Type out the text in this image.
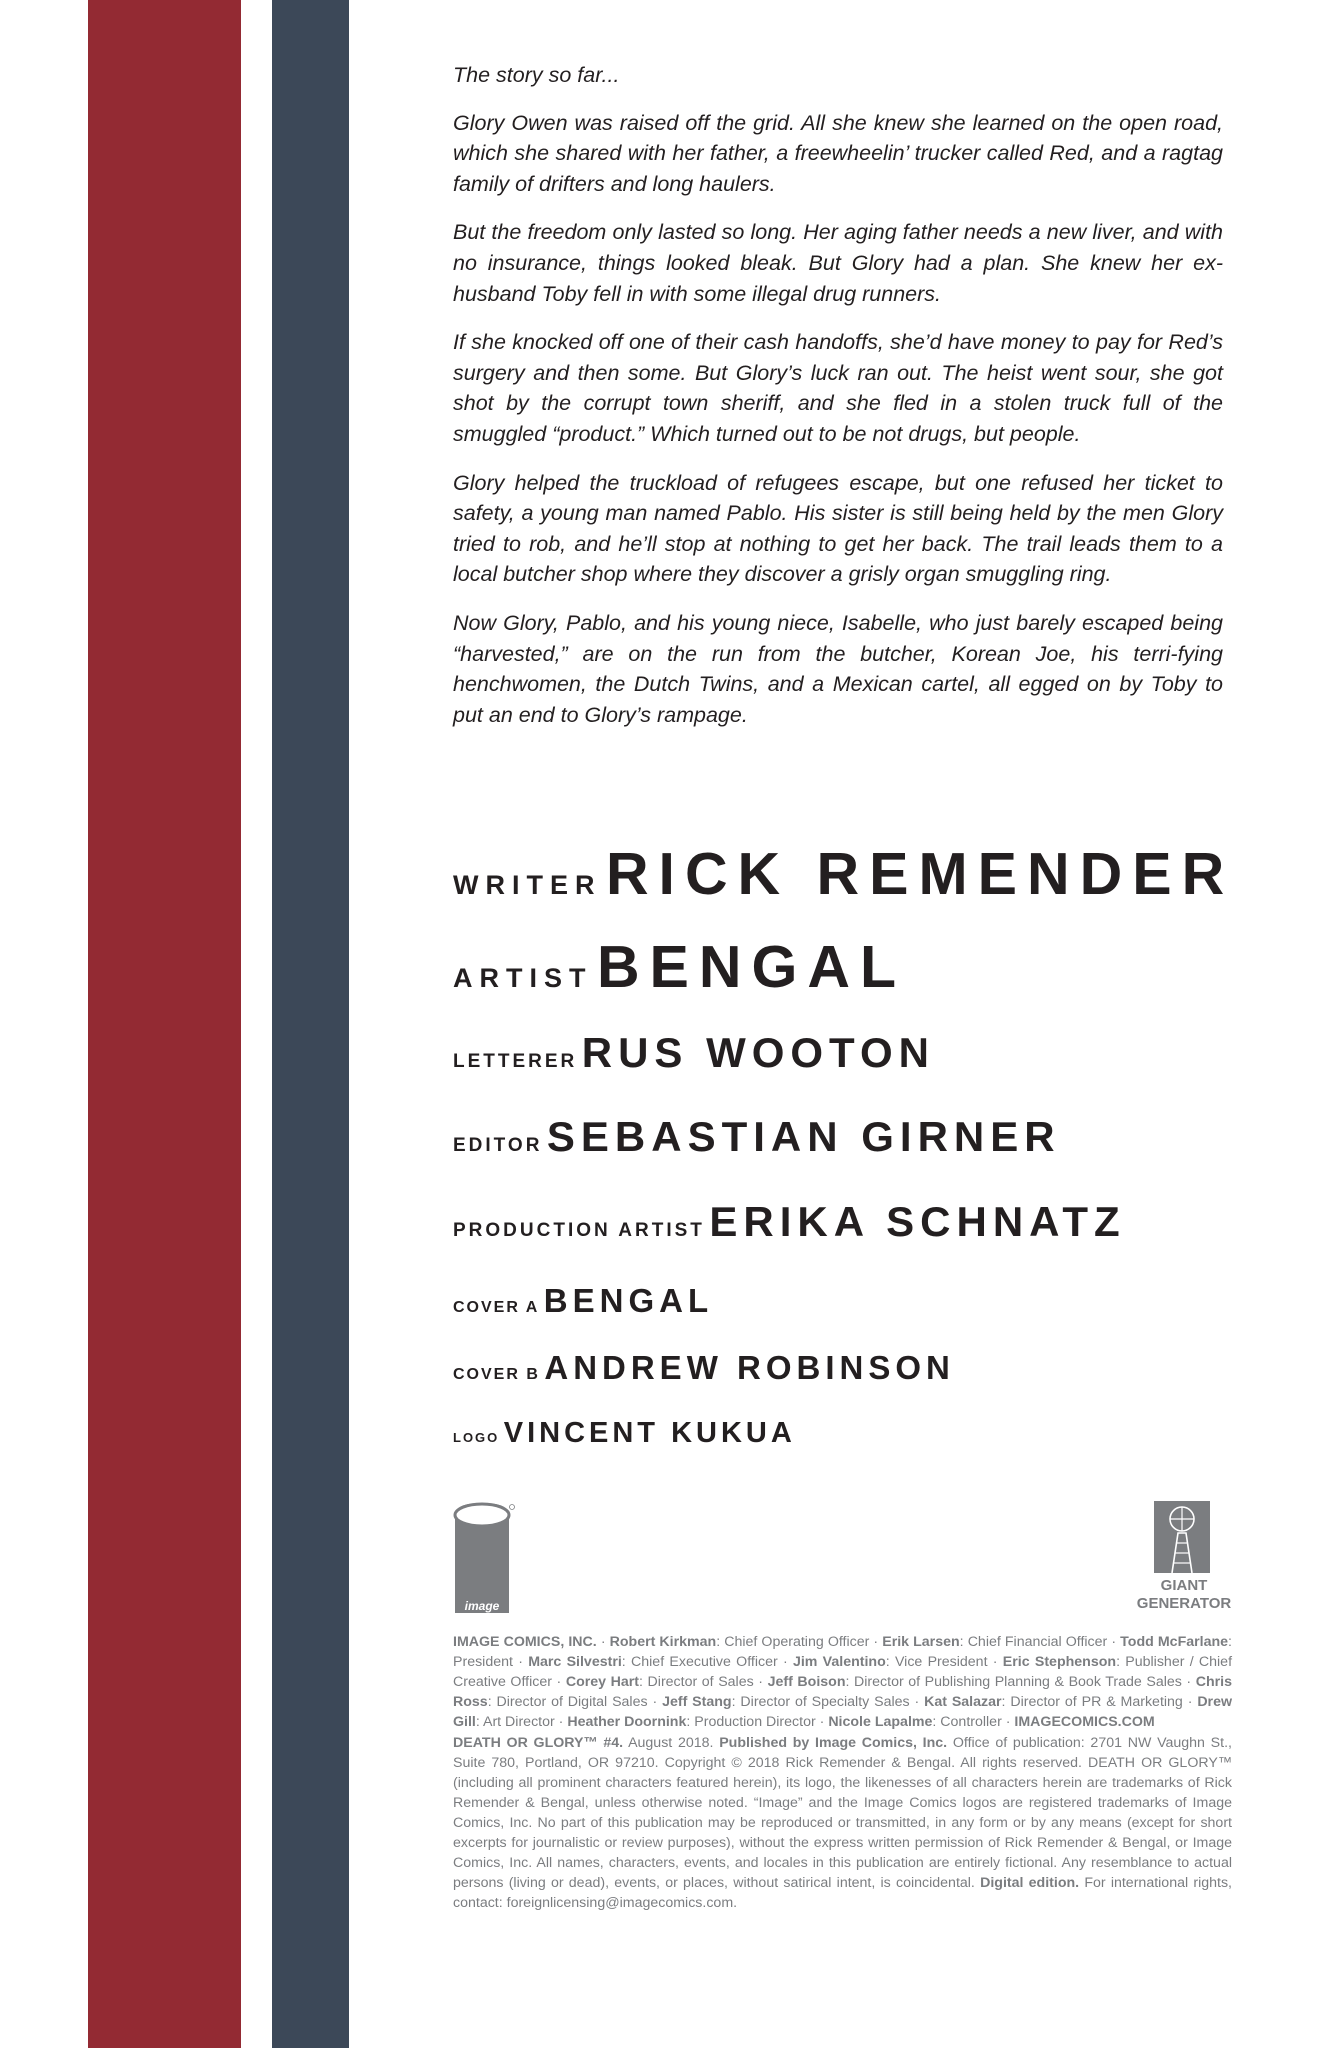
The story so far...

Glory Owen was raised off the grid. All she knew she learned on the open road, which she shared with her father, a freewheelin’ trucker called Red, and a ragtag family of drifters and long haulers.

But the freedom only lasted so long. Her aging father needs a new liver, and with no insurance, things looked bleak. But Glory had a plan. She knew her ex-husband Toby fell in with some illegal drug runners.

If she knocked off one of their cash handoffs, she’d have money to pay for Red’s surgery and then some. But Glory’s luck ran out. The heist went sour, she got shot by the corrupt town sheriff, and she fled in a stolen truck full of the smuggled “product.” Which turned out to be not drugs, but people.

Glory helped the truckload of refugees escape, but one refused her ticket to safety, a young man named Pablo. His sister is still being held by the men Glory tried to rob, and he’ll stop at nothing to get her back. The trail leads them to a local butcher shop where they discover a grisly organ smuggling ring.

Now Glory, Pablo, and his young niece, Isabelle, who just barely escaped being “harvested,” are on the run from the butcher, Korean Joe, his terri-fying henchwomen, the Dutch Twins, and a Mexican cartel, all egged on by Toby to put an end to Glory’s rampage.

WRITER RICK REMENDER
ARTIST BENGAL
LETTERER RUS WOOTON
EDITOR SEBASTIAN GIRNER
PRODUCTION ARTIST ERIKA SCHNATZ
COVER A BENGAL
COVER B ANDREW ROBINSON
LOGO VINCENT KUKUA
image
GIANT
GENERATOR
IMAGE COMICS, INC. · Robert Kirkman: Chief Operating Officer · Erik Larsen: Chief Financial Officer · Todd McFarlane: President · Marc Silvestri: Chief Executive Officer · Jim Valentino: Vice President · Eric Stephenson: Publisher / Chief Creative Officer · Corey Hart: Director of Sales · Jeff Boison: Director of Publishing Planning & Book Trade Sales · Chris Ross: Director of Digital Sales · Jeff Stang: Director of Specialty Sales · Kat Salazar: Director of PR & Marketing · Drew Gill: Art Director · Heather Doornink: Production Director · Nicole Lapalme: Controller · IMAGECOMICS.COM
DEATH OR GLORY™ #4. August 2018. Published by Image Comics, Inc. Office of publication: 2701 NW Vaughn St., Suite 780, Portland, OR 97210. Copyright © 2018 Rick Remender & Bengal. All rights reserved. DEATH OR GLORY™ (including all prominent characters featured herein), its logo, the likenesses of all characters herein are trademarks of Rick Remender & Bengal, unless otherwise noted. “Image” and the Image Comics logos are registered trademarks of Image Comics, Inc. No part of this publication may be reproduced or transmitted, in any form or by any means (except for short excerpts for journalistic or review purposes), without the express written permission of Rick Remender & Bengal, or Image Comics, Inc. All names, characters, events, and locales in this publication are entirely fictional. Any resemblance to actual persons (living or dead), events, or places, without satirical intent, is coincidental. Digital edition. For international rights, contact: foreignlicensing@imagecomics.com.
